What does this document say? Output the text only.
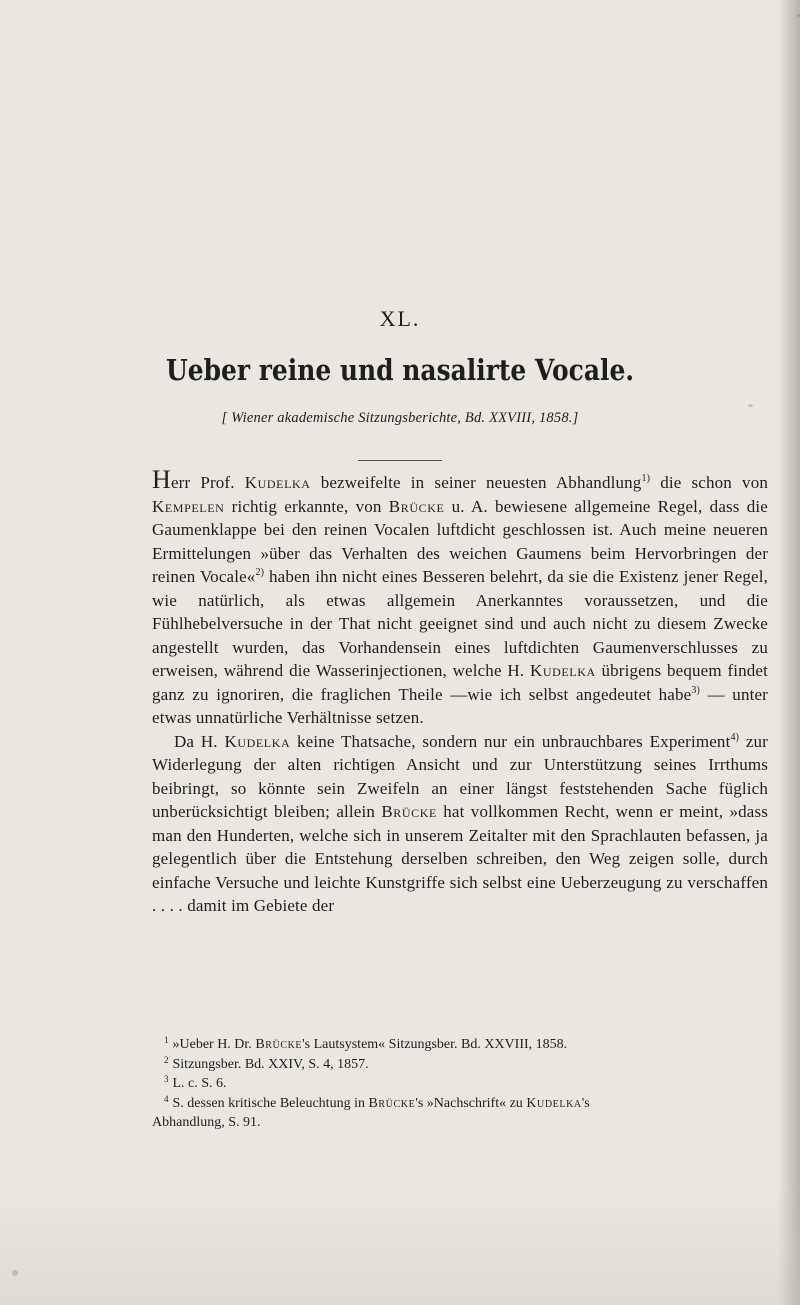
XL.
Ueber reine und nasalirte Vocale.
[ Wiener akademische Sitzungsberichte, Bd. XXVIII, 1858.]

Herr Prof. Kudelka bezweifelte in seiner neuesten Abhandlung$^{1)}$ die schon von Kempelen richtig erkannte, von Brücke u. A. bewiesene allgemeine Regel, dass die Gaumenklappe bei den reinen Vocalen luftdicht geschlossen ist. Auch meine neueren Ermittelungen »über das Verhalten des weichen Gaumens beim Hervorbringen der reinen Vocale«$^{2)}$ haben ihn nicht eines Besseren belehrt, da sie die Existenz jener Regel, wie natürlich, als etwas allgemein Anerkanntes voraussetzen, und die Fühlhebelversuche in der That nicht geeignet sind und auch nicht zu diesem Zwecke angestellt wurden, das Vorhandensein eines luftdichten Gaumenverschlusses zu erweisen, während die Wasserinjectionen, welche H. Kudelka übrigens bequem findet ganz zu ignoriren, die fraglichen Theile —wie ich selbst angedeutet habe$^{3)}$ — unter etwas unnatürliche Verhältnisse setzen.

Da H. Kudelka keine Thatsache, sondern nur ein unbrauchbares Experiment$^{4)}$ zur Widerlegung der alten richtigen Ansicht und zur Unterstützung seines Irrthums beibringt, so könnte sein Zweifeln an einer längst feststehenden Sache füglich unberücksichtigt bleiben; allein Brücke hat vollkommen Recht, wenn er meint, »dass man den Hunderten, welche sich in unserem Zeitalter mit den Sprachlauten befassen, ja gelegentlich über die Entstehung derselben schreiben, den Weg zeigen solle, durch einfache Versuche und leichte Kunstgriffe sich selbst eine Ueberzeugung zu verschaffen . . . . damit im Gebiete der

$^1$ »Ueber H. Dr. Brücke's Lautsystem« Sitzungsber. Bd. XXVIII, 1858.

$^2$ Sitzungsber. Bd. XXIV, S. 4, 1857.

$^3$ L. c. S. 6.

$^4$ S. dessen kritische Beleuchtung in Brücke's »Nachschrift« zu Kudelka's

Abhandlung, S. 91.
